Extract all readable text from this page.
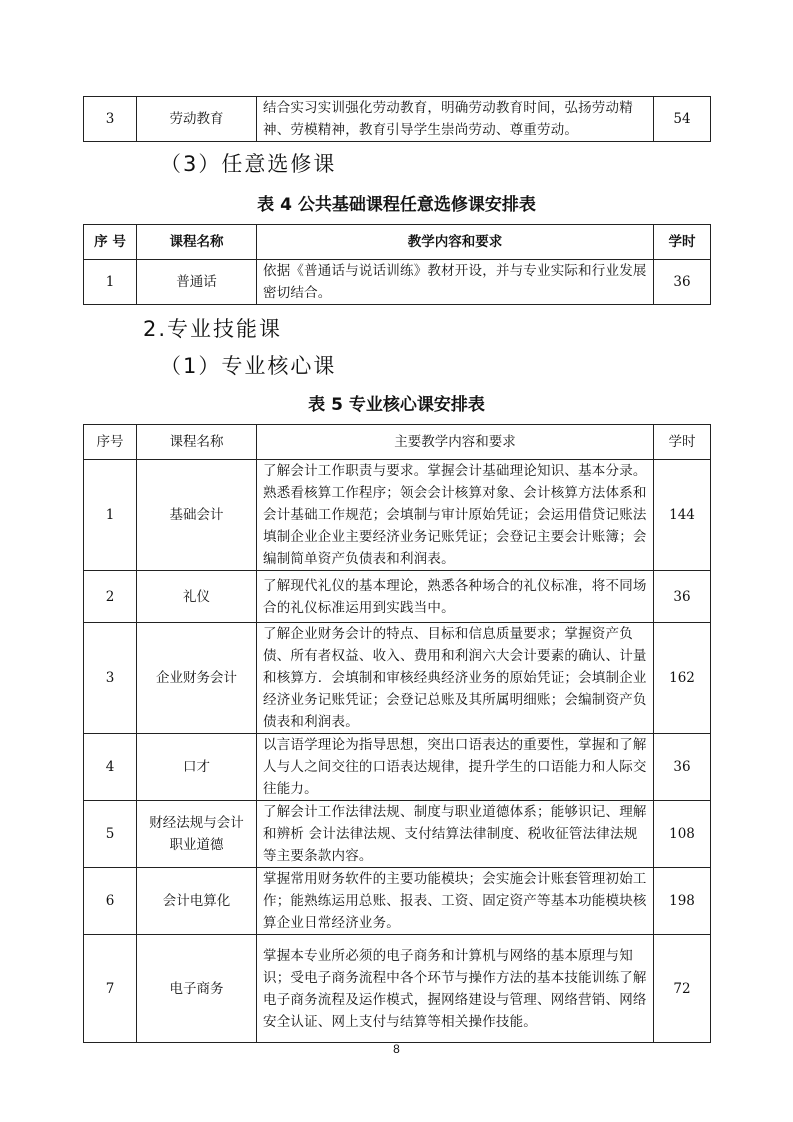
3	劳动教育	结合实习实训强化劳动教育，明确劳动教育时间，弘扬劳动精神、劳模精神，教育引导学生崇尚劳动、尊重劳动。	54
（3）任意选修课
表 4 公共基础课程任意选修课安排表
序 号	课程名称	教学内容和要求	学时
1	普通话	依据《普通话与说话训练》教材开设，并与专业实际和行业发展密切结合。	36
2.专业技能课
（1）专业核心课
表 5 专业核心课安排表
序号	课程名称	主要教学内容和要求	学时
1	基础会计	了解会计工作职责与要求。掌握会计基础理论知识、基本分录。熟悉看核算工作程序；领会会计核算对象、会计核算方法体系和会计基础工作规范；会填制与审计原始凭证；会运用借贷记账法填制企业企业主要经济业务记账凭证；会登记主要会计账簿；会编制简单资产负债表和利润表。	144
2	礼仪	了解现代礼仪的基本理论，熟悉各种场合的礼仪标准，将不同场合的礼仪标准运用到实践当中。	36
3	企业财务会计	了解企业财务会计的特点、目标和信息质量要求；掌握资产负债、所有者权益、收入、费用和利润六大会计要素的确认、计量和核算方．会填制和审核经典经济业务的原始凭证；会填制企业经济业务记账凭证；会登记总账及其所属明细账；会编制资产负债表和利润表。	162
4	口才	以言语学理论为指导思想，突出口语表达的重要性，掌握和了解人与人之间交往的口语表达规律，提升学生的口语能力和人际交往能力。	36
5	财经法规与会计职业道德	了解会计工作法律法规、制度与职业道德体系；能够识记、理解和辨析 会计法律法规、支付结算法律制度、税收征管法律法规等主要条款内容。	108
6	会计电算化	掌握常用财务软件的主要功能模块；会实施会计账套管理初始工作；能熟练运用总账、报表、工资、固定资产等基本功能模块核算企业日常经济业务。	198
7	电子商务	掌握本专业所必须的电子商务和计算机与网络的基本原理与知识；受电子商务流程中各个环节与操作方法的基本技能训练了解电子商务流程及运作模式，握网络建设与管理、网络营销、网络安全认证、网上支付与结算等相关操作技能。	72
8
